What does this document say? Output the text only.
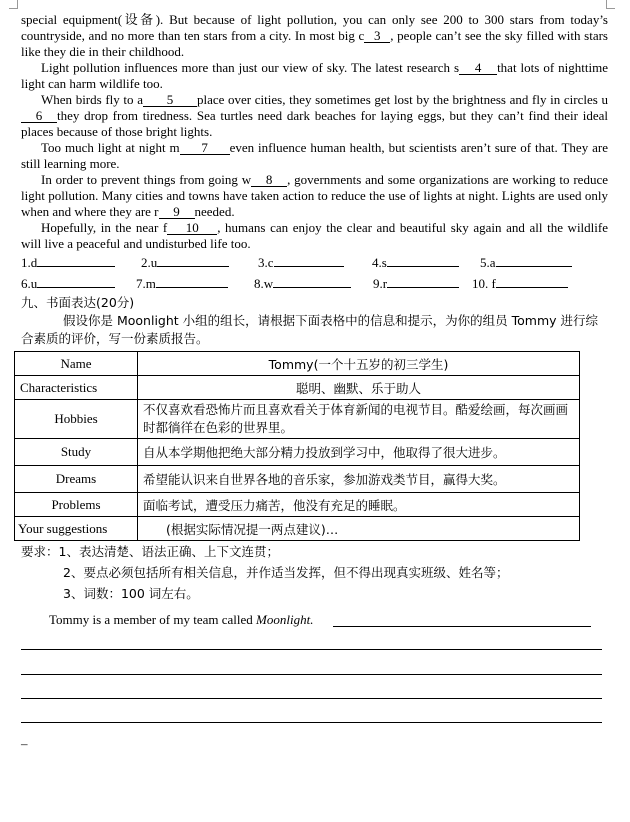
special equipment(设备). But because of light pollution, you can only see 200 to 300 stars from today’s countryside, and no more than ten stars from a city. In most big c 3 , people can’t see the sky filled with stars like they die in their childhood.

Light pollution influences more than just our view of sky. The latest research s 4 that lots of nighttime light can harm wildlife too.

When birds fly to a 5 place over cities, they sometimes get lost by the brightness and fly in circles u6 they drop from tiredness. Sea turtles need dark beaches for laying eggs, but they can’t find their ideal places because of those bright lights.

Too much light at night m 7 even influence human health, but scientists aren’t sure of that. They are still learning more.

In order to prevent things from going w 8 , governments and some organizations are working to reduce light pollution. Many cities and towns have taken action to reduce the use of lights at night. Lights are used only when and where they are r 9 needed.

Hopefully, in the near f 10 , humans can enjoy the clear and beautiful sky again and all the wildlife will live a peaceful and undisturbed life too.

1.d	2.u	3.c	4.s	5.a
6.u	7.m	8.w	9.r	10. f

九、书面表达(20分)

假设你是 Moonlight 小组的组长，请根据下面表格中的信息和提示，为你的组员 Tommy 进行综合素质的评价，写一份素质报告。

Name	Tommy(一个十五岁的初三学生)
Characteristics	聪明、幽默、乐于助人
Hobbies	不仅喜欢看恐怖片而且喜欢看关于体育新闻的电视节目。酷爱绘画，每次画画时都徜徉在色彩的世界里。
Study	自从本学期他把绝大部分精力投放到学习中，他取得了很大进步。
Dreams	希望能认识来自世界各地的音乐家，参加游戏类节目，赢得大奖。
Problems	面临考试，遭受压力痛苦，他没有充足的睡眠。
Your suggestions	(根据实际情况提一两点建议)…

要求：1、表达清楚、语法正确、上下文连贯；

2、要点必须包括所有相关信息，并作适当发挥，但不得出现真实班级、姓名等；

3、词数：100 词左右。

Tommy is a member of my team called Moonlight.
–
